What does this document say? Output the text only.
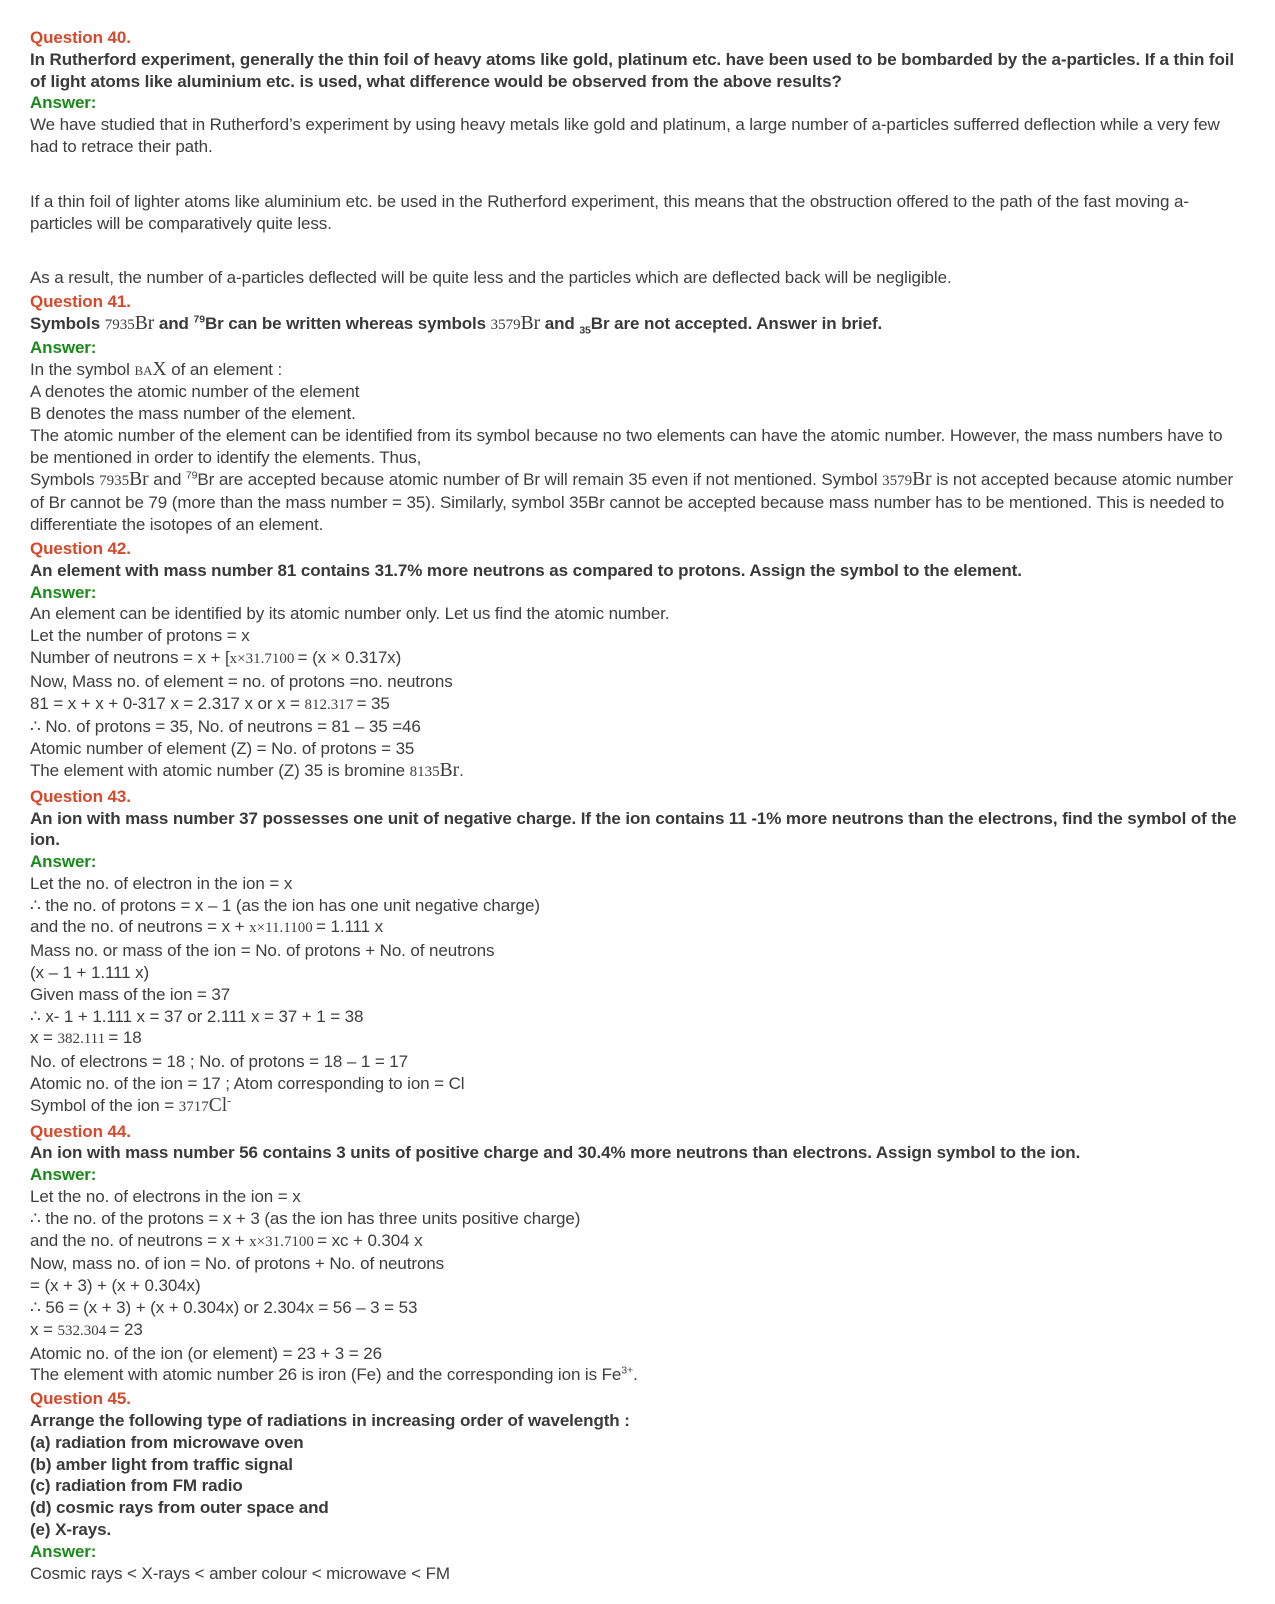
Question 40.
In Rutherford experiment, generally the thin foil of heavy atoms like gold, platinum etc. have been used to be bombarded by the a-particles. If a thin foil of light atoms like aluminium etc. is used, what difference would be observed from the above results?
Answer:
We have studied that in Rutherford’s experiment by using heavy metals like gold and platinum, a large number of a-particles sufferred deflection while a very few had to retrace their path.
If a thin foil of lighter atoms like aluminium etc. be used in the Rutherford experiment, this means that the obstruction offered to the path of the fast moving a-particles will be comparatively quite less.
As a result, the number of a-particles deflected will be quite less and the particles which are deflected back will be negligible.
Question 41.
Symbols 7935Br and $^{79}$Br can be written whereas symbols 3579Br and $_{35}$Br are not accepted. Answer in brief.
Answer:
In the symbol BAX of an element :
A denotes the atomic number of the element
B denotes the mass number of the element.
The atomic number of the element can be identified from its symbol because no two elements can have the atomic number. However, the mass numbers have to be mentioned in order to identify the elements. Thus,
Symbols 7935Br and $^{79}$Br are accepted because atomic number of Br will remain 35 even if not mentioned. Symbol 3579Br is not accepted because atomic number of Br cannot be 79 (more than the mass number = 35). Similarly, symbol 35Br cannot be accepted because mass number has to be mentioned. This is needed to differentiate the isotopes of an element.
Question 42.
An element with mass number 81 contains 31.7% more neutrons as compared to protons. Assign the symbol to the element.
Answer:
An element can be identified by its atomic number only. Let us find the atomic number.
Let the number of protons = x
Number of neutrons = x + [x×31.7100 = (x × 0.317x)
Now, Mass no. of element = no. of protons =no. neutrons
81 = x + x + 0-317 x = 2.317 x or x = 812.317 = 35
∴ No. of protons = 35, No. of neutrons = 81 – 35 =46
Atomic number of element (Z) = No. of protons = 35
The element with atomic number (Z) 35 is bromine 8135Br.
Question 43.
An ion with mass number 37 possesses one unit of negative charge. If the ion contains 11 -1% more neutrons than the electrons, find the symbol of the ion.
Answer:
Let the no. of electron in the ion = x
∴ the no. of protons = x – 1 (as the ion has one unit negative charge)
and the no. of neutrons = x + x×11.1100 = 1.111 x
Mass no. or mass of the ion = No. of protons + No. of neutrons
(x – 1 + 1.111 x)
Given mass of the ion = 37
∴ x- 1 + 1.111 x = 37 or 2.111 x = 37 + 1 = 38
x = 382.111 = 18
No. of electrons = 18 ; No. of protons = 18 – 1 = 17
Atomic no. of the ion = 17 ; Atom corresponding to ion = Cl
Symbol of the ion = 3717Cl-
Question 44.
An ion with mass number 56 contains 3 units of positive charge and 30.4% more neutrons than electrons. Assign symbol to the ion.
Answer:
Let the no. of electrons in the ion = x
∴ the no. of the protons = x + 3 (as the ion has three units positive charge)
and the no. of neutrons = x + x×31.7100 = xc + 0.304 x
Now, mass no. of ion = No. of protons + No. of neutrons
= (x + 3) + (x + 0.304x)
∴ 56 = (x + 3) + (x + 0.304x) or 2.304x = 56 – 3 = 53
x = 532.304 = 23
Atomic no. of the ion (or element) = 23 + 3 = 26
The element with atomic number 26 is iron (Fe) and the corresponding ion is $Fe^{3+}$.
Question 45.
Arrange the following type of radiations in increasing order of wavelength :
(a) radiation from microwave oven
(b) amber light from traffic signal
(c) radiation from FM radio
(d) cosmic rays from outer space and
(e) X-rays.
Answer:
Cosmic rays < X-rays < amber colour < microwave < FM
